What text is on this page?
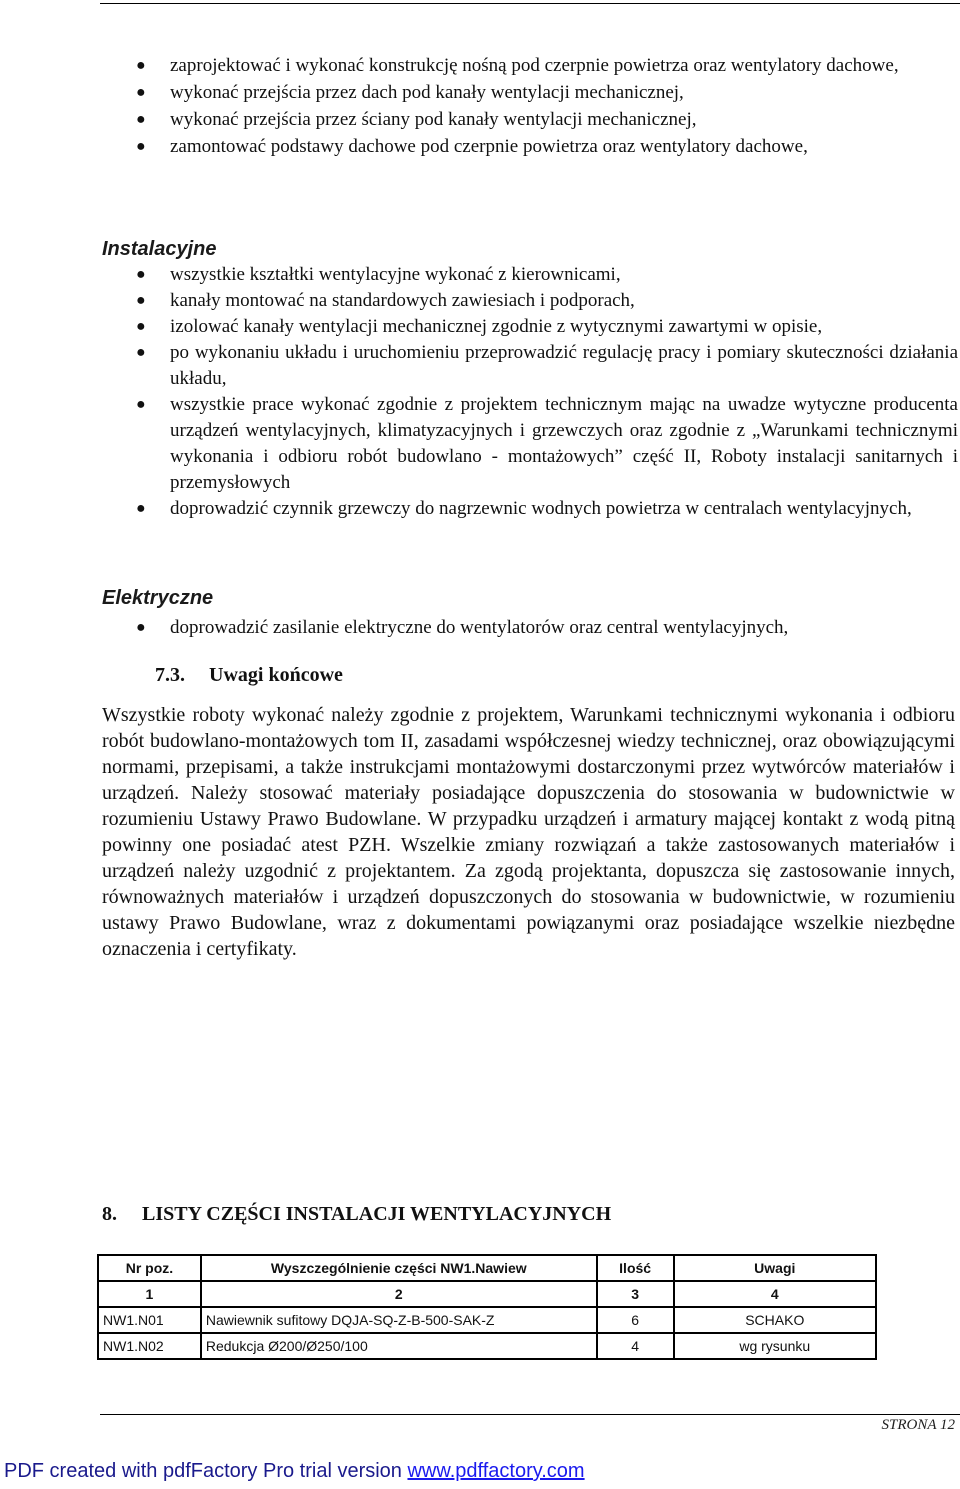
● zaprojektować i wykonać konstrukcję nośną pod czerpnie powietrza oraz wentylatory dachowe,
● wykonać przejścia przez dach pod kanały wentylacji mechanicznej,
● wykonać przejścia przez ściany pod kanały wentylacji mechanicznej,
● zamontować podstawy dachowe pod czerpnie powietrza oraz wentylatory dachowe,
Instalacyjne
● wszystkie kształtki wentylacyjne wykonać z kierownicami,
● kanały montować na standardowych zawiesiach i podporach,
● izolować kanały wentylacji mechanicznej zgodnie z wytycznymi zawartymi w opisie,
● po wykonaniu układu i uruchomieniu przeprowadzić regulację pracy i pomiary skuteczności działania układu,
● wszystkie prace wykonać zgodnie z projektem technicznym mając na uwadze wytyczne producenta urządzeń wentylacyjnych, klimatyzacyjnych i grzewczych oraz zgodnie z „Warunkami technicznymi wykonania i odbioru robót budowlano - montażowych” część II, Roboty instalacji sanitarnych i przemysłowych
● doprowadzić czynnik grzewczy do nagrzewnic wodnych powietrza w centralach wentylacyjnych,
Elektryczne
● doprowadzić zasilanie elektryczne do wentylatorów oraz central wentylacyjnych,
7.3. Uwagi końcowe
Wszystkie roboty wykonać należy zgodnie z projektem, Warunkami technicznymi wykonania i odbioru robót budowlano-montażowych tom II, zasadami współczesnej wiedzy technicznej, oraz obowiązującymi normami, przepisami, a także instrukcjami montażowymi dostarczonymi przez wytwórców materiałów i urządzeń. Należy stosować materiały posiadające dopuszczenia do stosowania w budownictwie w rozumieniu Ustawy Prawo Budowlane. W przypadku urządzeń i armatury mającej kontakt z wodą pitną powinny one posiadać atest PZH. Wszelkie zmiany rozwiązań a także zastosowanych materiałów i urządzeń należy uzgodnić z projektantem. Za zgodą projektanta, dopuszcza się zastosowanie innych, równoważnych materiałów i urządzeń dopuszczonych do stosowania w budownictwie, w rozumieniu ustawy Prawo Budowlane, wraz z dokumentami powiązanymi oraz posiadające wszelkie niezbędne oznaczenia i certyfikaty.
8. LISTY CZĘŚCI INSTALACJI WENTYLACYJNYCH
Nr poz.	Wyszczególnienie części NW1.Nawiew	Ilość	Uwagi
1	2	3	4
NW1.N01	Nawiewnik sufitowy DQJA-SQ-Z-B-500-SAK-Z	6	SCHAKO
NW1.N02	Redukcja Ø200/Ø250/100	4	wg rysunku
STRONA 12
PDF created with pdfFactory Pro trial version www.pdffactory.com
